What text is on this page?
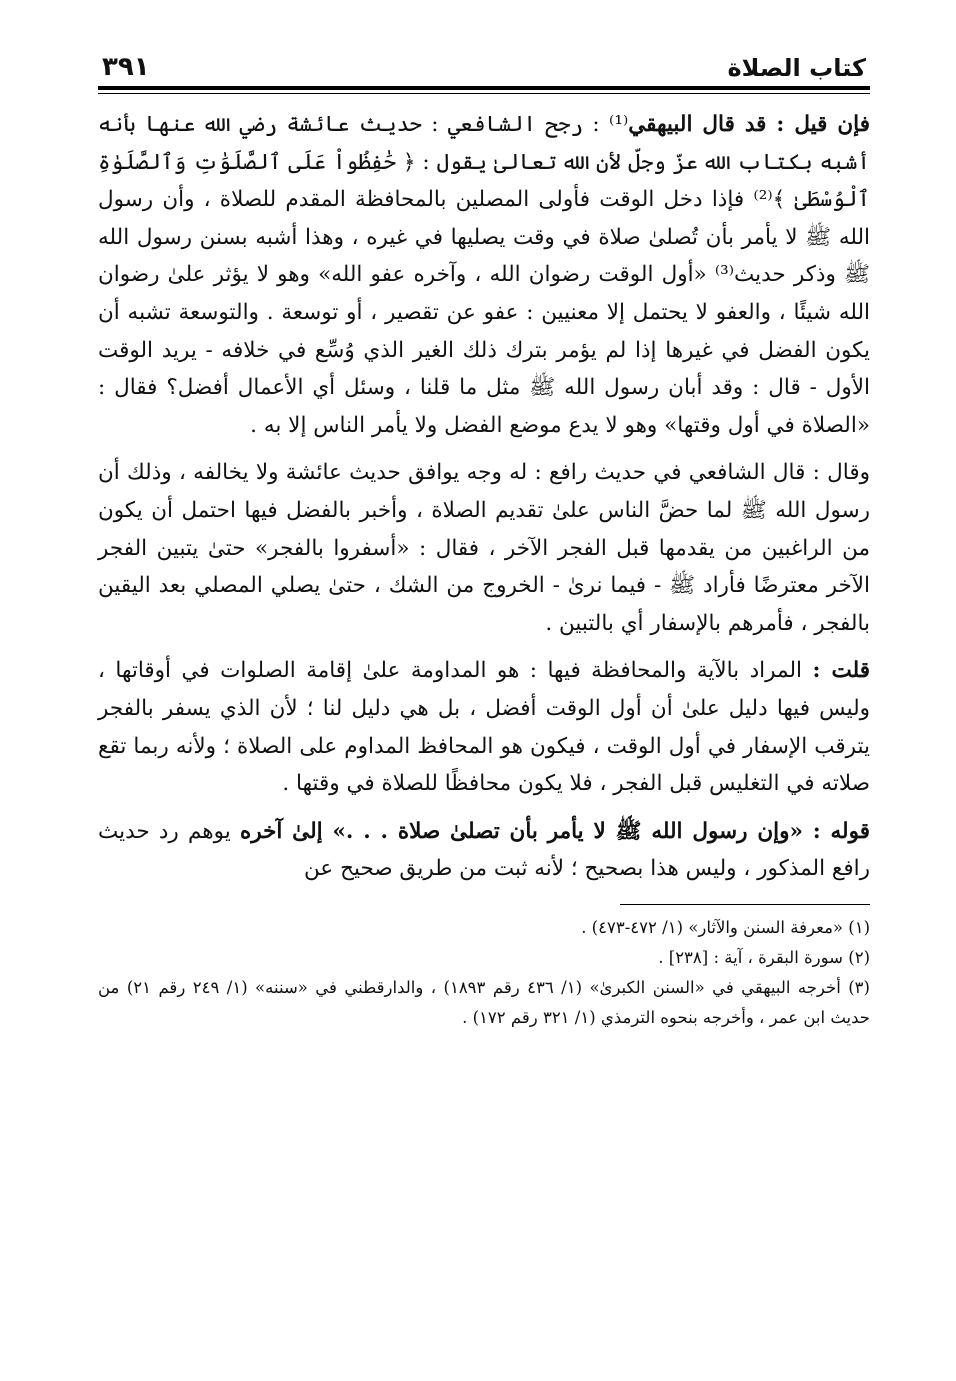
كتاب الصلاة
٣٩١

فإن قيل : قد قال البيهقي⁽¹⁾ : رجح الشافعي : حديث عائشة رضي الله عنها بأنه أشبه بكتاب الله عزّ وجلّ لأن الله تعالىٰ يقول : ﴿ حَٰفِظُواْ عَلَى ٱلصَّلَوَٰتِ وَٱلصَّلَوٰةِ ٱلْوُسْطَىٰ ﴾⁽²⁾ فإذا دخل الوقت فأولى المصلين بالمحافظة المقدم للصلاة ، وأن رسول الله ﷺ لا يأمر بأن تُصلىٰ صلاة في وقت يصليها في غيره ، وهذا أشبه بسنن رسول الله ﷺ وذكر حديث⁽³⁾ «أول الوقت رضوان الله ، وآخره عفو الله» وهو لا يؤثر علىٰ رضوان الله شيئًا ، والعفو لا يحتمل إلا معنيين : عفو عن تقصير ، أو توسعة . والتوسعة تشبه أن يكون الفضل في غيرها إذا لم يؤمر بترك ذلك الغير الذي وُسِّع في خلافه - يريد الوقت الأول - قال : وقد أبان رسول الله ﷺ مثل ما قلنا ، وسئل أي الأعمال أفضل؟ فقال : «الصلاة في أول وقتها» وهو لا يدع موضع الفضل ولا يأمر الناس إلا به .

وقال : قال الشافعي في حديث رافع : له وجه يوافق حديث عائشة ولا يخالفه ، وذلك أن رسول الله ﷺ لما حضَّ الناس علىٰ تقديم الصلاة ، وأخبر بالفضل فيها احتمل أن يكون من الراغبين من يقدمها قبل الفجر الآخر ، فقال : «أسفروا بالفجر» حتىٰ يتبين الفجر الآخر معترضًا فأراد ﷺ - فيما نرىٰ - الخروج من الشك ، حتىٰ يصلي المصلي بعد اليقين بالفجر ، فأمرهم بالإسفار أي بالتبين .

قلت : المراد بالآية والمحافظة فيها : هو المداومة علىٰ إقامة الصلوات في أوقاتها ، وليس فيها دليل علىٰ أن أول الوقت أفضل ، بل هي دليل لنا ؛ لأن الذي يسفر بالفجر يترقب الإسفار في أول الوقت ، فيكون هو المحافظ المداوم على الصلاة ؛ ولأنه ربما تقع صلاته في التغليس قبل الفجر ، فلا يكون محافظًا للصلاة في وقتها .

قوله : «وإن رسول الله ﷺ لا يأمر بأن تصلىٰ صلاة . . .» إلىٰ آخره يوهم رد حديث رافع المذكور ، وليس هذا بصحيح ؛ لأنه ثبت من طريق صحيح عن

(١) «معرفة السنن والآثار» (١/ ٤٧٢-٤٧٣) .

(٢) سورة البقرة ، آية : [٢٣٨] .

(٣) أخرجه البيهقي في «السنن الكبرىٰ» (١/ ٤٣٦ رقم ١٨٩٣) ، والدارقطني في «سننه» (١/ ٢٤٩ رقم ٢١) من حديث ابن عمر ، وأخرجه بنحوه الترمذي (١/ ٣٢١ رقم ١٧٢) .
